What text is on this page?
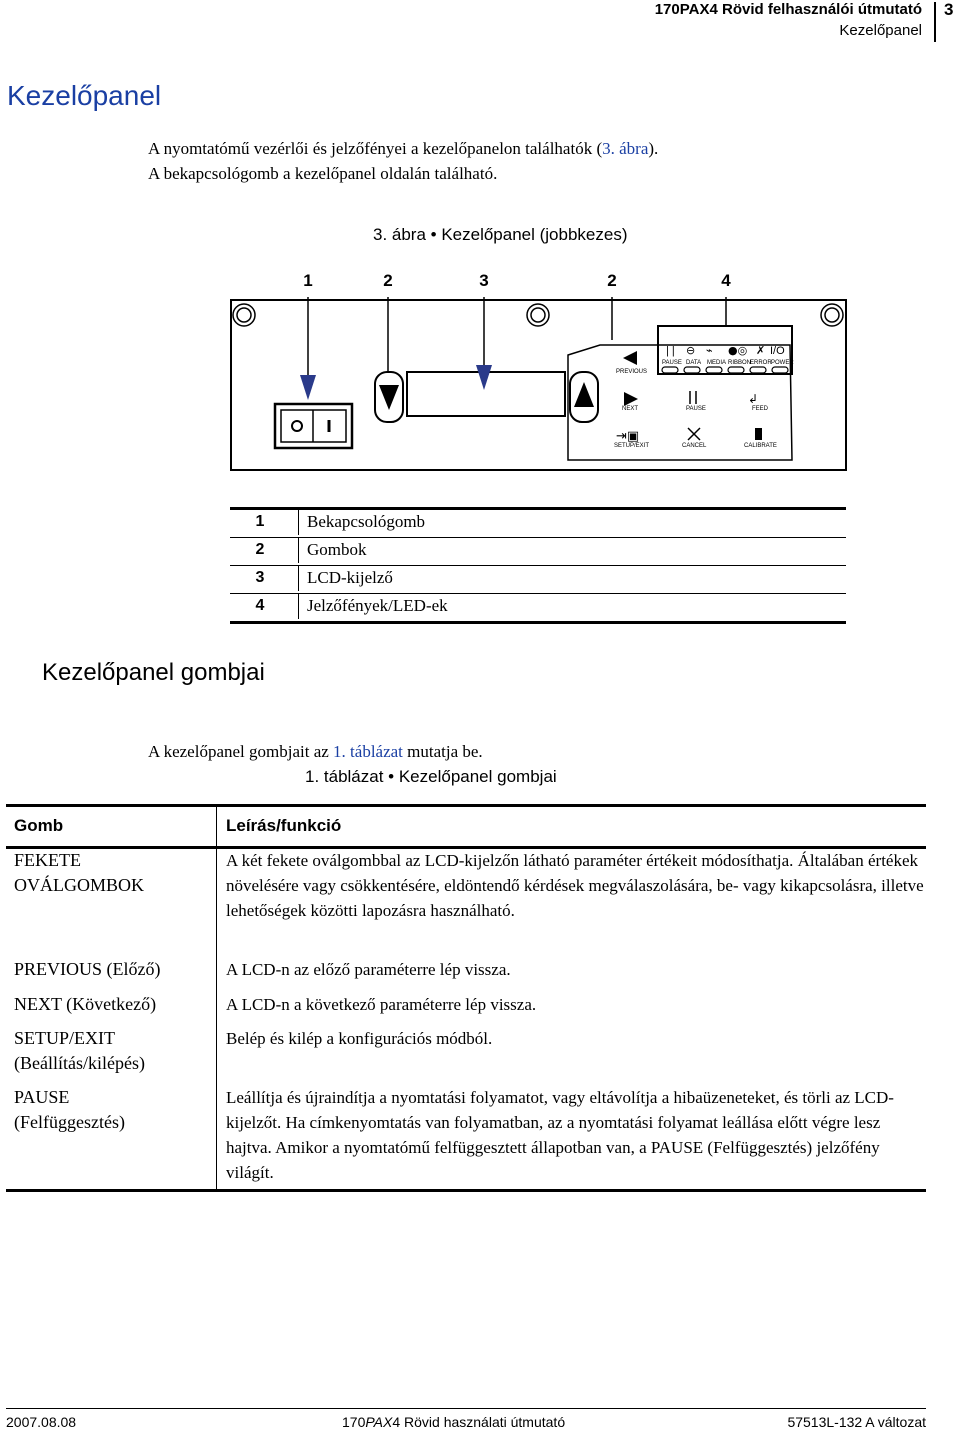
170PAX4 Rövid felhasználói útmutató
Kezelőpanel
3
Kezelőpanel
A nyomtatómű vezérlői és jelzőfényei a kezelőpanelon találhatók (3. ábra).
A bekapcsológomb a kezelőpanel oldalán található.
3. ábra • Kezelőpanel (jobbkezes)
1	2	3	2	4
| | ⊖ ⌁ ●◎ ✗ I/O
PAUSE DATA MEDIA RIBBON
ERROR POWER
PREVIOUS
NEXT	PAUSE
↲
FEED
⇥▣
SETUP/EXIT	CANCEL	CALIBRATE
1	Bekapcsológomb
2	Gombok
3	LCD-kijelző
4	Jelzőfények/LED-ek
Kezelőpanel gombjai
A kezelőpanel gombjait az 1. táblázat mutatja be.
1. táblázat • Kezelőpanel gombjai
Gomb	Leírás/funkció
FEKETE OVÁLGOMBOK
A két fekete oválgombbal az LCD-kijelzőn látható paraméter értékeit módosíthatja. Általában értékek növelésére vagy csökkentésére, eldöntendő kérdések megválaszolására, be- vagy kikapcsolásra, illetve lehetőségek közötti lapozásra használható.
PREVIOUS (Előző)	A LCD-n az előző paraméterre lép vissza.
NEXT (Következő)	A LCD-n a következő paraméterre lép vissza.
SETUP/EXIT (Beállítás/kilépés)
Belép és kilép a konfigurációs módból.
PAUSE (Felfüggesztés)
Leállítja és újraindítja a nyomtatási folyamatot, vagy eltávolítja a hibaüzeneteket, és törli az LCD-kijelzőt. Ha címkenyomtatás van folyamatban, az a nyomtatási folyamat leállása előtt végre lesz hajtva. Amikor a nyomtatómű felfüggesztett állapotban van, a PAUSE (Felfüggesztés) jelzőfény világít.
2007.08.08	170PAX4 Rövid használati útmutató	57513L-132 A változat
